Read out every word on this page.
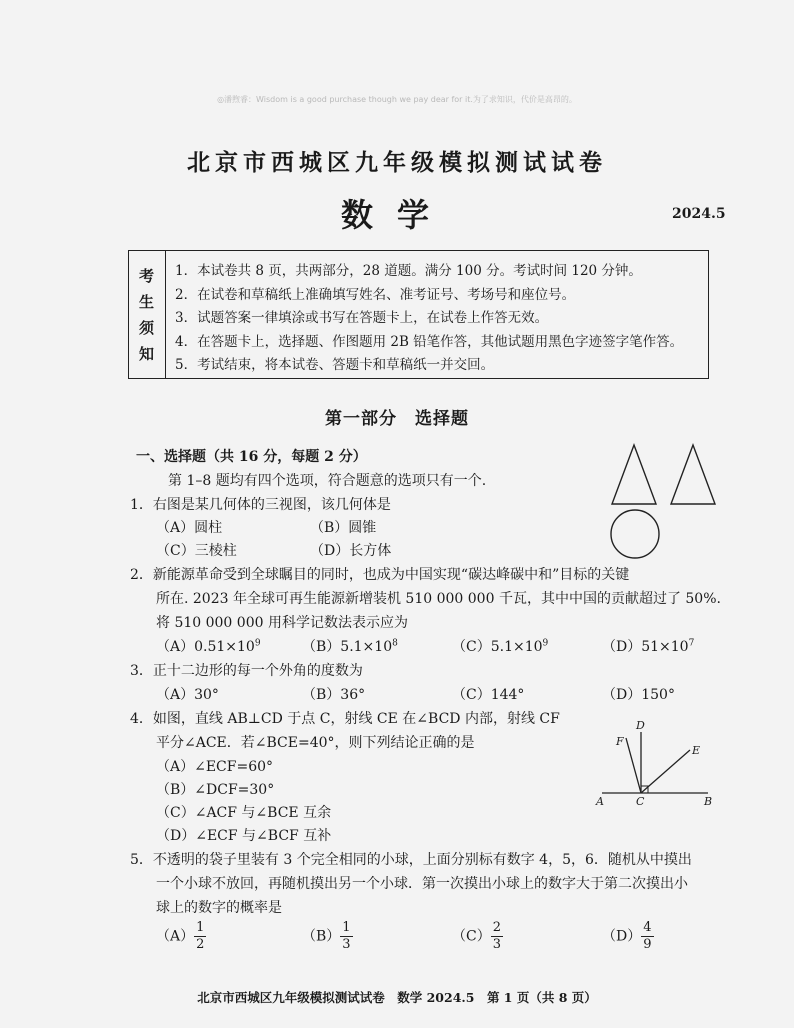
◎潘煦睿：Wisdom is a good purchase though we pay dear for it.为了求知识，代价是高昂的。
北京市西城区九年级模拟测试试卷
数学	2024.5
考
生
须
知
1．本试卷共 8 页，共两部分，28 道题。满分 100 分。考试时间 120 分钟。
2．在试卷和草稿纸上准确填写姓名、准考证号、考场号和座位号。
3．试题答案一律填涂或书写在答题卡上，在试卷上作答无效。
4．在答题卡上，选择题、作图题用 2B 铅笔作答，其他试题用黑色字迹签字笔作答。
5．考试结束，将本试卷、答题卡和草稿纸一并交回。
第一部分　选择题
一、选择题（共 16 分，每题 2 分）
第 1–8 题均有四个选项，符合题意的选项只有一个.
1．右图是某几何体的三视图，该几何体是
（A）圆柱	（B）圆锥
（C）三棱柱	（D）长方体
2．新能源革命受到全球瞩目的同时，也成为中国实现“碳达峰碳中和”目标的关键
所在. 2023 年全球可再生能源新增装机 510 000 000 千瓦，其中中国的贡献超过了 50%.
将 510 000 000 用科学记数法表示应为
$(A)0.51\times 10^9$	$(B)5.1\times 10^8$	$(C)5.1\times 10^9$	$(D)51\times 10^7$
3．正十二边形的每一个外角的度数为
（A）30°	（B）36°	（C）144°	（D）150°
4．如图，直线 AB⊥CD 于点 C，射线 CE 在∠BCD 内部，射线 CF
平分∠ACE．若∠BCE=40°，则下列结论正确的是
（A）∠ECF=60°
（B）∠DCF=30°
（C）∠ACF 与∠BCE 互余
（D）∠ECF 与∠BCF 互补
D
F
E
A	C	B
5．不透明的袋子里装有 3 个完全相同的小球，上面分别标有数字 4，5，6．随机从中摸出
一个小球不放回，再随机摸出另一个小球．第一次摸出小球上的数字大于第二次摸出小
球上的数字的概率是
$(A) \frac{1}{2}$	$(B) \frac{1}{3}$	$(C) \frac{2}{3}$	$(D) \frac{4}{9}$
北京市西城区九年级模拟测试试卷　数学 2024.5　第 1 页（共 8 页）
